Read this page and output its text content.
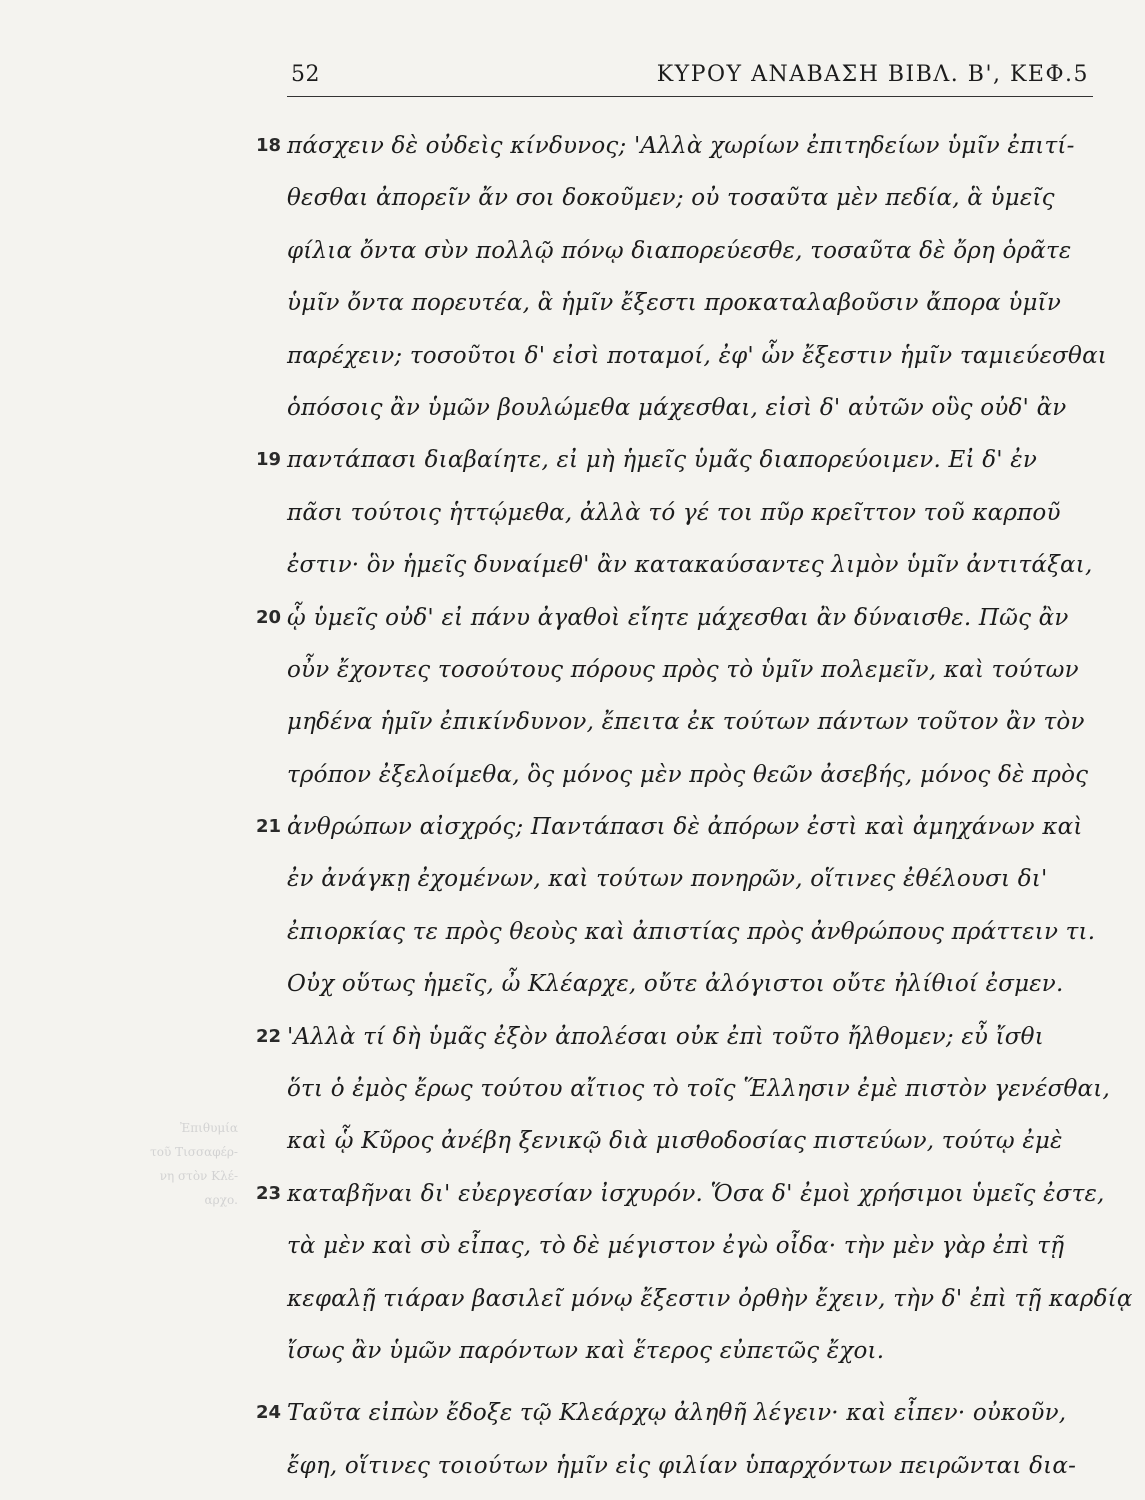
52	ΚΥΡΟΥ ΑΝΑΒΑΣΗ ΒΙΒΛ. Β', ΚΕΦ.5
18 πάσχειν δὲ οὐδεὶς κίνδυνος; 'Αλλὰ χωρίων ἐπιτηδείων ὑμῖν ἐπιτί-
θεσθαι ἀπορεῖν ἄν σοι δοκοῦμεν; οὐ τοσαῦτα μὲν πεδία, ἃ ὑμεῖς
φίλια ὄντα σὺν πολλῷ πόνῳ διαπορεύεσθε, τοσαῦτα δὲ ὄρη ὁρᾶτε
ὑμῖν ὄντα πορευτέα, ἃ ἡμῖν ἔξεστι προκαταλαβοῦσιν ἄπορα ὑμῖν
παρέχειν; τοσοῦτοι δ' εἰσὶ ποταμοί, ἐφ' ὧν ἔξεστιν ἡμῖν ταμιεύεσθαι
ὁπόσοις ἂν ὑμῶν βουλώμεθα μάχεσθαι, εἰσὶ δ' αὐτῶν οὓς οὐδ' ἂν
19 παντάπασι διαβαίητε, εἰ μὴ ἡμεῖς ὑμᾶς διαπορεύοιμεν. Εἰ δ' ἐν
πᾶσι τούτοις ἡττῴμεθα, ἀλλὰ τό γέ τοι πῦρ κρεῖττον τοῦ καρποῦ
ἐστιν· ὃν ἡμεῖς δυναίμεθ' ἂν κατακαύσαντες λιμὸν ὑμῖν ἀντιτάξαι,
20 ᾧ ὑμεῖς οὐδ' εἰ πάνυ ἀγαθοὶ εἴητε μάχεσθαι ἂν δύναισθε. Πῶς ἂν
οὖν ἔχοντες τοσούτους πόρους πρὸς τὸ ὑμῖν πολεμεῖν, καὶ τούτων
μηδένα ἡμῖν ἐπικίνδυνον, ἔπειτα ἐκ τούτων πάντων τοῦτον ἂν τὸν
τρόπον ἐξελοίμεθα, ὃς μόνος μὲν πρὸς θεῶν ἀσεβής, μόνος δὲ πρὸς
21 ἀνθρώπων αἰσχρός; Παντάπασι δὲ ἀπόρων ἐστὶ καὶ ἀμηχάνων καὶ
ἐν ἀνάγκῃ ἐχομένων, καὶ τούτων πονηρῶν, οἵτινες ἐθέλουσι δι'
ἐπιορκίας τε πρὸς θεοὺς καὶ ἀπιστίας πρὸς ἀνθρώπους πράττειν τι.
Οὐχ οὕτως ἡμεῖς, ὦ Κλέαρχε, οὔτε ἀλόγιστοι οὔτε ἠλίθιοί ἐσμεν.
22 'Αλλὰ τί δὴ ὑμᾶς ἐξὸν ἀπολέσαι οὐκ ἐπὶ τοῦτο ἤλθομεν; εὖ ἴσθι
ὅτι ὁ ἐμὸς ἔρως τούτου αἴτιος τὸ τοῖς Ἕλλησιν ἐμὲ πιστὸν γενέσθαι,
καὶ ᾧ Κῦρος ἀνέβη ξενικῷ διὰ μισθοδοσίας πιστεύων, τούτῳ ἐμὲ
23 καταβῆναι δι' εὐεργεσίαν ἰσχυρόν. Ὅσα δ' ἐμοὶ χρήσιμοι ὑμεῖς ἐστε,
τὰ μὲν καὶ σὺ εἶπας, τὸ δὲ μέγιστον ἐγὼ οἶδα· τὴν μὲν γὰρ ἐπὶ τῇ
κεφαλῇ τιάραν βασιλεῖ μόνῳ ἔξεστιν ὀρθὴν ἔχειν, τὴν δ' ἐπὶ τῇ καρδίᾳ
ἴσως ἂν ὑμῶν παρόντων καὶ ἕτερος εὐπετῶς ἔχοι.
24 Ταῦτα εἰπὼν ἔδοξε τῷ Κλεάρχῳ ἀληθῆ λέγειν· καὶ εἶπεν· οὐκοῦν,
ἔφη, οἵτινες τοιούτων ἡμῖν εἰς φιλίαν ὑπαρχόντων πειρῶνται δια-
Ἐπιθυμία
τοῦ Τισσαφέρ-
νη στὸν Κλέ-
αρχο.
